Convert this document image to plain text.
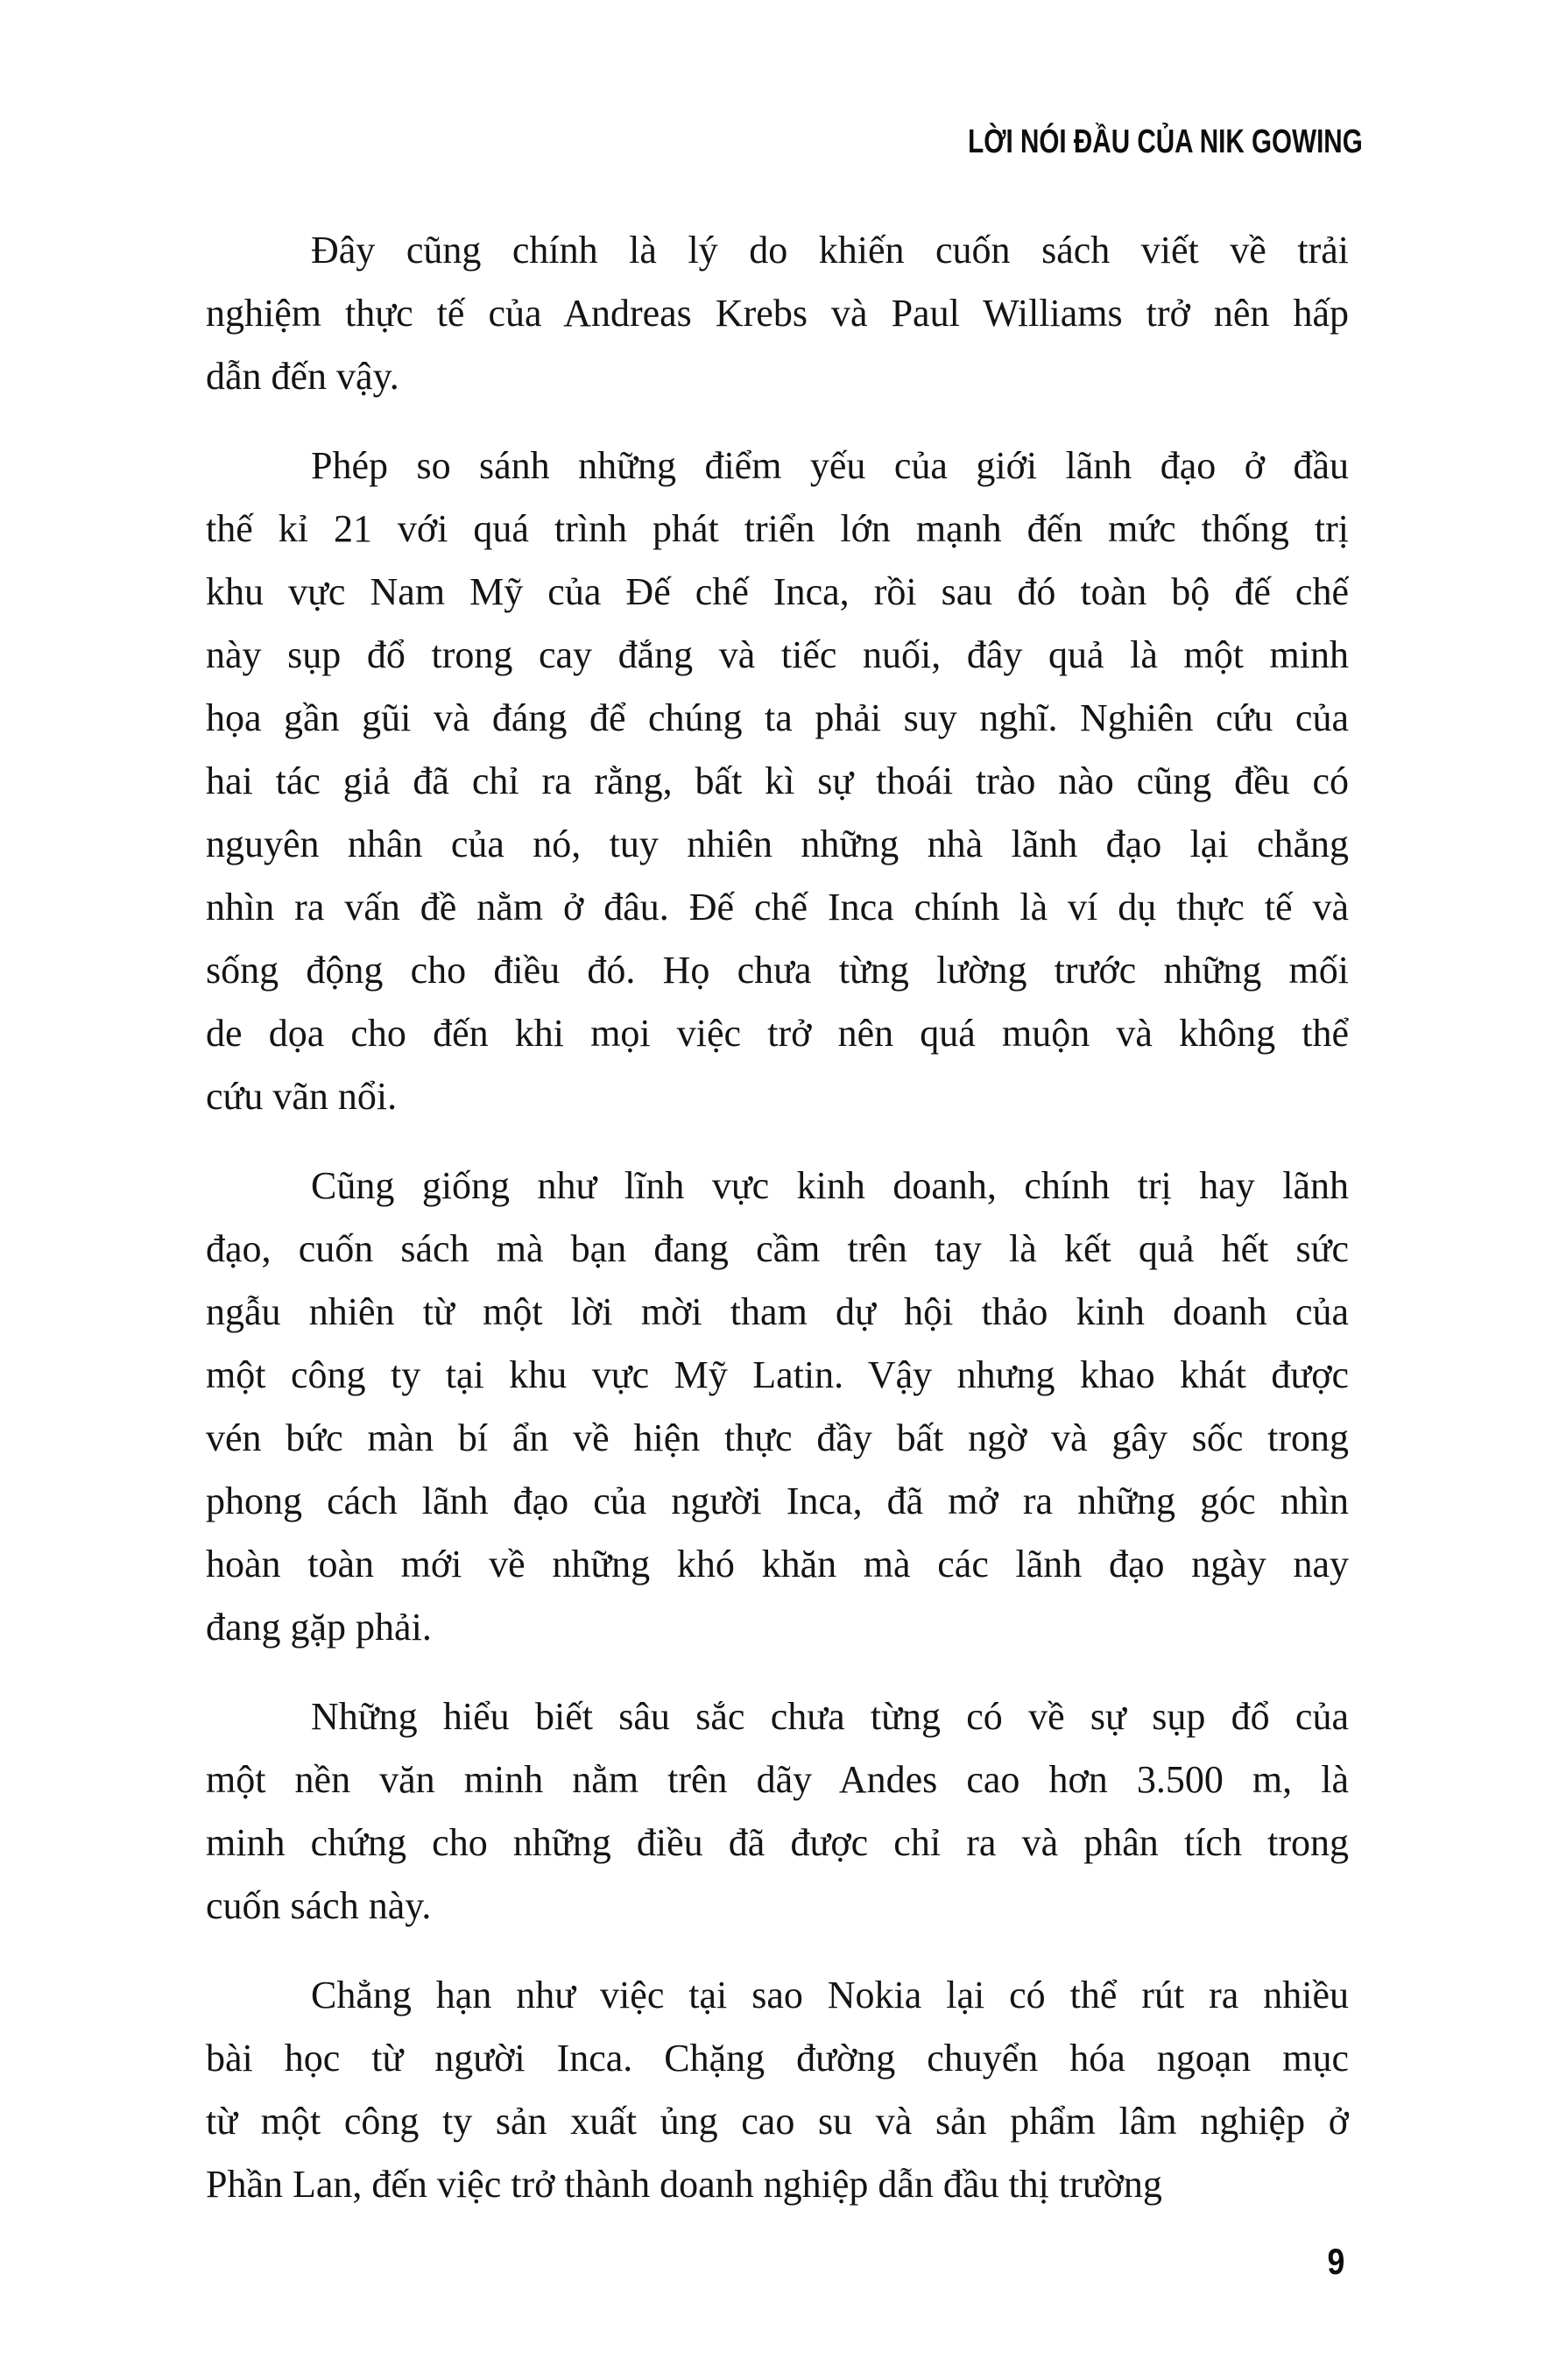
LỜI NÓI ĐẦU CỦA NIK GOWING
Đây cũng chính là lý do khiến cuốn sách viết về trải
nghiệm thực tế của Andreas Krebs và Paul Williams trở nên hấp
dẫn đến vậy.
Phép so sánh những điểm yếu của giới lãnh đạo ở đầu
thế kỉ 21 với quá trình phát triển lớn mạnh đến mức thống trị
khu vực Nam Mỹ của Đế chế Inca, rồi sau đó toàn bộ đế chế
này sụp đổ trong cay đắng và tiếc nuối, đây quả là một minh
họa gần gũi và đáng để chúng ta phải suy nghĩ. Nghiên cứu của
hai tác giả đã chỉ ra rằng, bất kì sự thoái trào nào cũng đều có
nguyên nhân của nó, tuy nhiên những nhà lãnh đạo lại chẳng
nhìn ra vấn đề nằm ở đâu. Đế chế Inca chính là ví dụ thực tế và
sống động cho điều đó. Họ chưa từng lường trước những mối
de dọa cho đến khi mọi việc trở nên quá muộn và không thể
cứu vãn nổi.
Cũng giống như lĩnh vực kinh doanh, chính trị hay lãnh
đạo, cuốn sách mà bạn đang cầm trên tay là kết quả hết sức
ngẫu nhiên từ một lời mời tham dự hội thảo kinh doanh của
một công ty tại khu vực Mỹ Latin. Vậy nhưng khao khát được
vén bức màn bí ẩn về hiện thực đầy bất ngờ và gây sốc trong
phong cách lãnh đạo của người Inca, đã mở ra những góc nhìn
hoàn toàn mới về những khó khăn mà các lãnh đạo ngày nay
đang gặp phải.
Những hiểu biết sâu sắc chưa từng có về sự sụp đổ của
một nền văn minh nằm trên dãy Andes cao hơn 3.500 m, là
minh chứng cho những điều đã được chỉ ra và phân tích trong
cuốn sách này.
Chẳng hạn như việc tại sao Nokia lại có thể rút ra nhiều
bài học từ người Inca. Chặng đường chuyển hóa ngoạn mục
từ một công ty sản xuất ủng cao su và sản phẩm lâm nghiệp ở
Phần Lan, đến việc trở thành doanh nghiệp dẫn đầu thị trường
9
